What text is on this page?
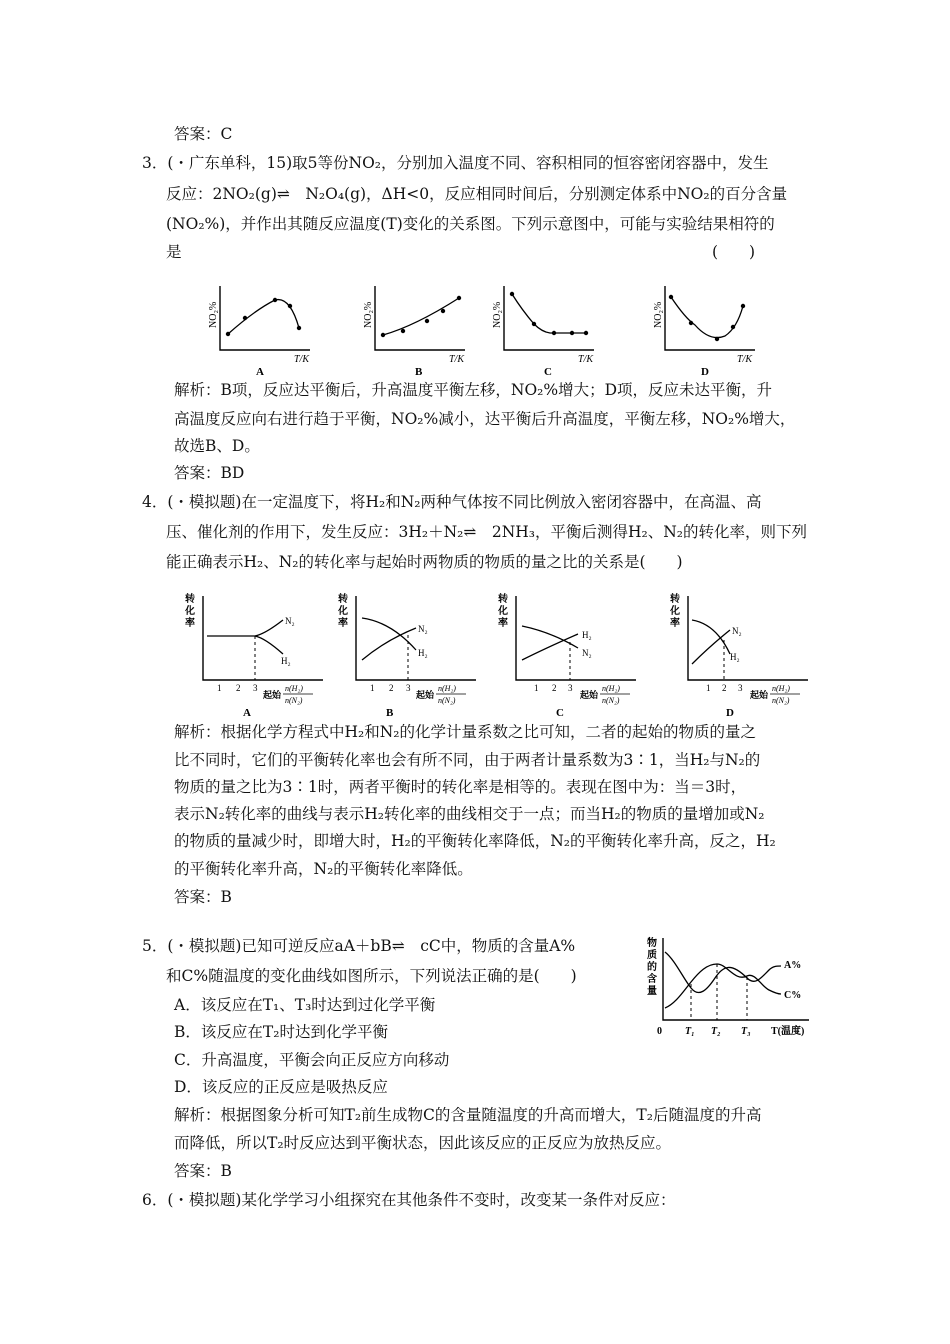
答案：C
3．(・广东单科，15)取5等份NO₂，分别加入温度不同、容积相同的恒容密闭容器中，发生
反应：2NO₂(g)⇌　N₂O₄(g)，ΔH<0，反应相同时间后，分别测定体系中NO₂的百分含量
(NO₂%)，并作出其随反应温度(T)变化的关系图。下列示意图中，可能与实验结果相符的
是	(　　)
NO₂%
T/K
A
NO₂%
T/K
B
NO₂%
T/K
C
NO₂%
T/K
D
解析：B项，反应达平衡后，升高温度平衡左移，NO₂%增大；D项，反应未达平衡，升
高温度反应向右进行趋于平衡，NO₂%减小，达平衡后升高温度，平衡左移，NO₂%增大，
故选B、D。
答案：BD
4．(・模拟题)在一定温度下，将H₂和N₂两种气体按不同比例放入密闭容器中，在高温、高
压、催化剂的作用下，发生反应：3H₂＋N₂⇌　2NH₃，平衡后测得H₂、N₂的转化率，则下列
能正确表示H₂、N₂的转化率与起始时两物质的物质的量之比的关系是(　　)
转化率	N₂
H₂
1 2 3
起始
n(H₂)
n(N₂)
A
转化率	N₂
H₂
1 2 3
起始
n(H₂)
n(N₂)
B
转化率
H₂
N₂
1 2 3
起始
n(H₂)
n(N₂)
C
转化率
N₂
H₂
1 2 3
起始
n(H₂)
n(N₂)
D
解析：根据化学方程式中H₂和N₂的化学计量系数之比可知，二者的起始的物质的量之
比不同时，它们的平衡转化率也会有所不同，由于两者计量系数为3∶1，当H₂与N₂的
物质的量之比为3∶1时，两者平衡时的转化率是相等的。表现在图中为：当＝3时，
表示N₂转化率的曲线与表示H₂转化率的曲线相交于一点；而当H₂的物质的量增加或N₂
的物质的量减少时，即增大时，H₂的平衡转化率降低，N₂的平衡转化率升高，反之，H₂
的平衡转化率升高，N₂的平衡转化率降低。
答案：B
5．(・模拟题)已知可逆反应aA＋bB⇌　cC中，物质的含量A%
和C%随温度的变化曲线如图所示，下列说法正确的是(　　)
A．该反应在T₁、T₃时达到过化学平衡
B．该反应在T₂时达到化学平衡
C．升高温度，平衡会向正反应方向移动
D．该反应的正反应是吸热反应
物质的含量
A%
C%
0 T₁ T₂ T₃ T(温度)
解析：根据图象分析可知T₂前生成物C的含量随温度的升高而增大，T₂后随温度的升高
而降低，所以T₂时反应达到平衡状态，因此该反应的正反应为放热反应。
答案：B
6．(・模拟题)某化学学习小组探究在其他条件不变时，改变某一条件对反应：
